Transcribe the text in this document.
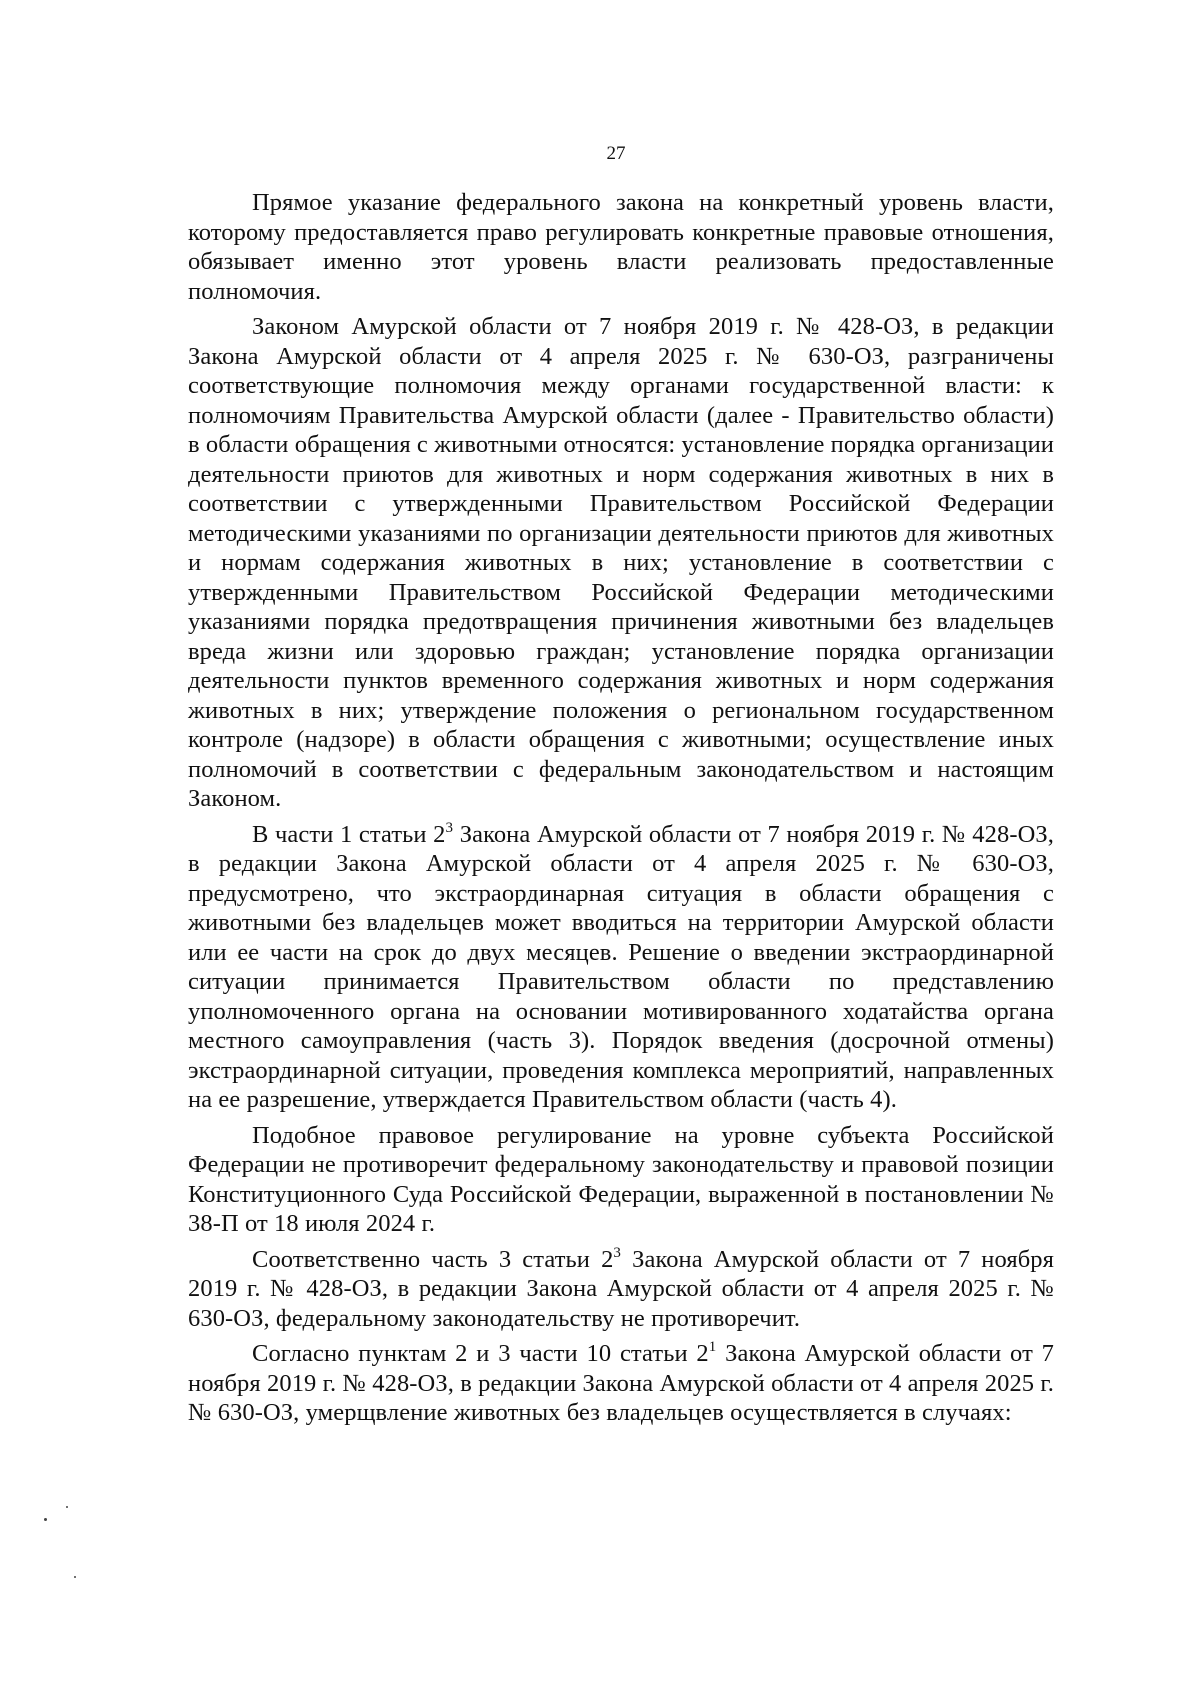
27

Прямое указание федерального закона на конкретный уровень власти, которому предоставляется право регулировать конкретные правовые отношения, обязывает именно этот уровень власти реализовать предоставленные полномочия.

Законом Амурской области от 7 ноября 2019 г. № 428-ОЗ, в редакции Закона Амурской области от 4 апреля 2025 г. № 630-ОЗ, разграничены соответствующие полномочия между органами государственной власти: к полномочиям Правительства Амурской области (далее - Правительство области) в области обращения с животными относятся: установление порядка организации деятельности приютов для животных и норм содержания животных в них в соответствии с утвержденными Правительством Российской Федерации методическими указаниями по организации деятельности приютов для животных и нормам содержания животных в них; установление в соответствии с утвержденными Правительством Российской Федерации методическими указаниями порядка предотвращения причинения животными без владельцев вреда жизни или здоровью граждан; установление порядка организации деятельности пунктов временного содержания животных и норм содержания животных в них; утверждение положения о региональном государственном контроле (надзоре) в области обращения с животными; осуществление иных полномочий в соответствии с федеральным законодательством и настоящим Законом.

В части 1 статьи $2^3$ Закона Амурской области от 7 ноября 2019 г. № 428-ОЗ, в редакции Закона Амурской области от 4 апреля 2025 г. № 630-ОЗ, предусмотрено, что экстраординарная ситуация в области обращения с животными без владельцев может вводиться на территории Амурской области или ее части на срок до двух месяцев. Решение о введении экстраординарной ситуации принимается Правительством области по представлению уполномоченного органа на основании мотивированного ходатайства органа местного самоуправления (часть 3). Порядок введения (досрочной отмены) экстраординарной ситуации, проведения комплекса мероприятий, направленных на ее разрешение, утверждается Правительством области (часть 4).

Подобное правовое регулирование на уровне субъекта Российской Федерации не противоречит федеральному законодательству и правовой позиции Конституционного Суда Российской Федерации, выраженной в постановлении № 38-П от 18 июля 2024 г.

Соответственно часть 3 статьи $2^3$ Закона Амурской области от 7 ноября 2019 г. № 428-ОЗ, в редакции Закона Амурской области от 4 апреля 2025 г. № 630-ОЗ, федеральному законодательству не противоречит.

Согласно пунктам 2 и 3 части 10 статьи $2^1$ Закона Амурской области от 7 ноября 2019 г. № 428-ОЗ, в редакции Закона Амурской области от 4 апреля 2025 г. № 630-ОЗ, умерщвление животных без владельцев осуществляется в случаях:
